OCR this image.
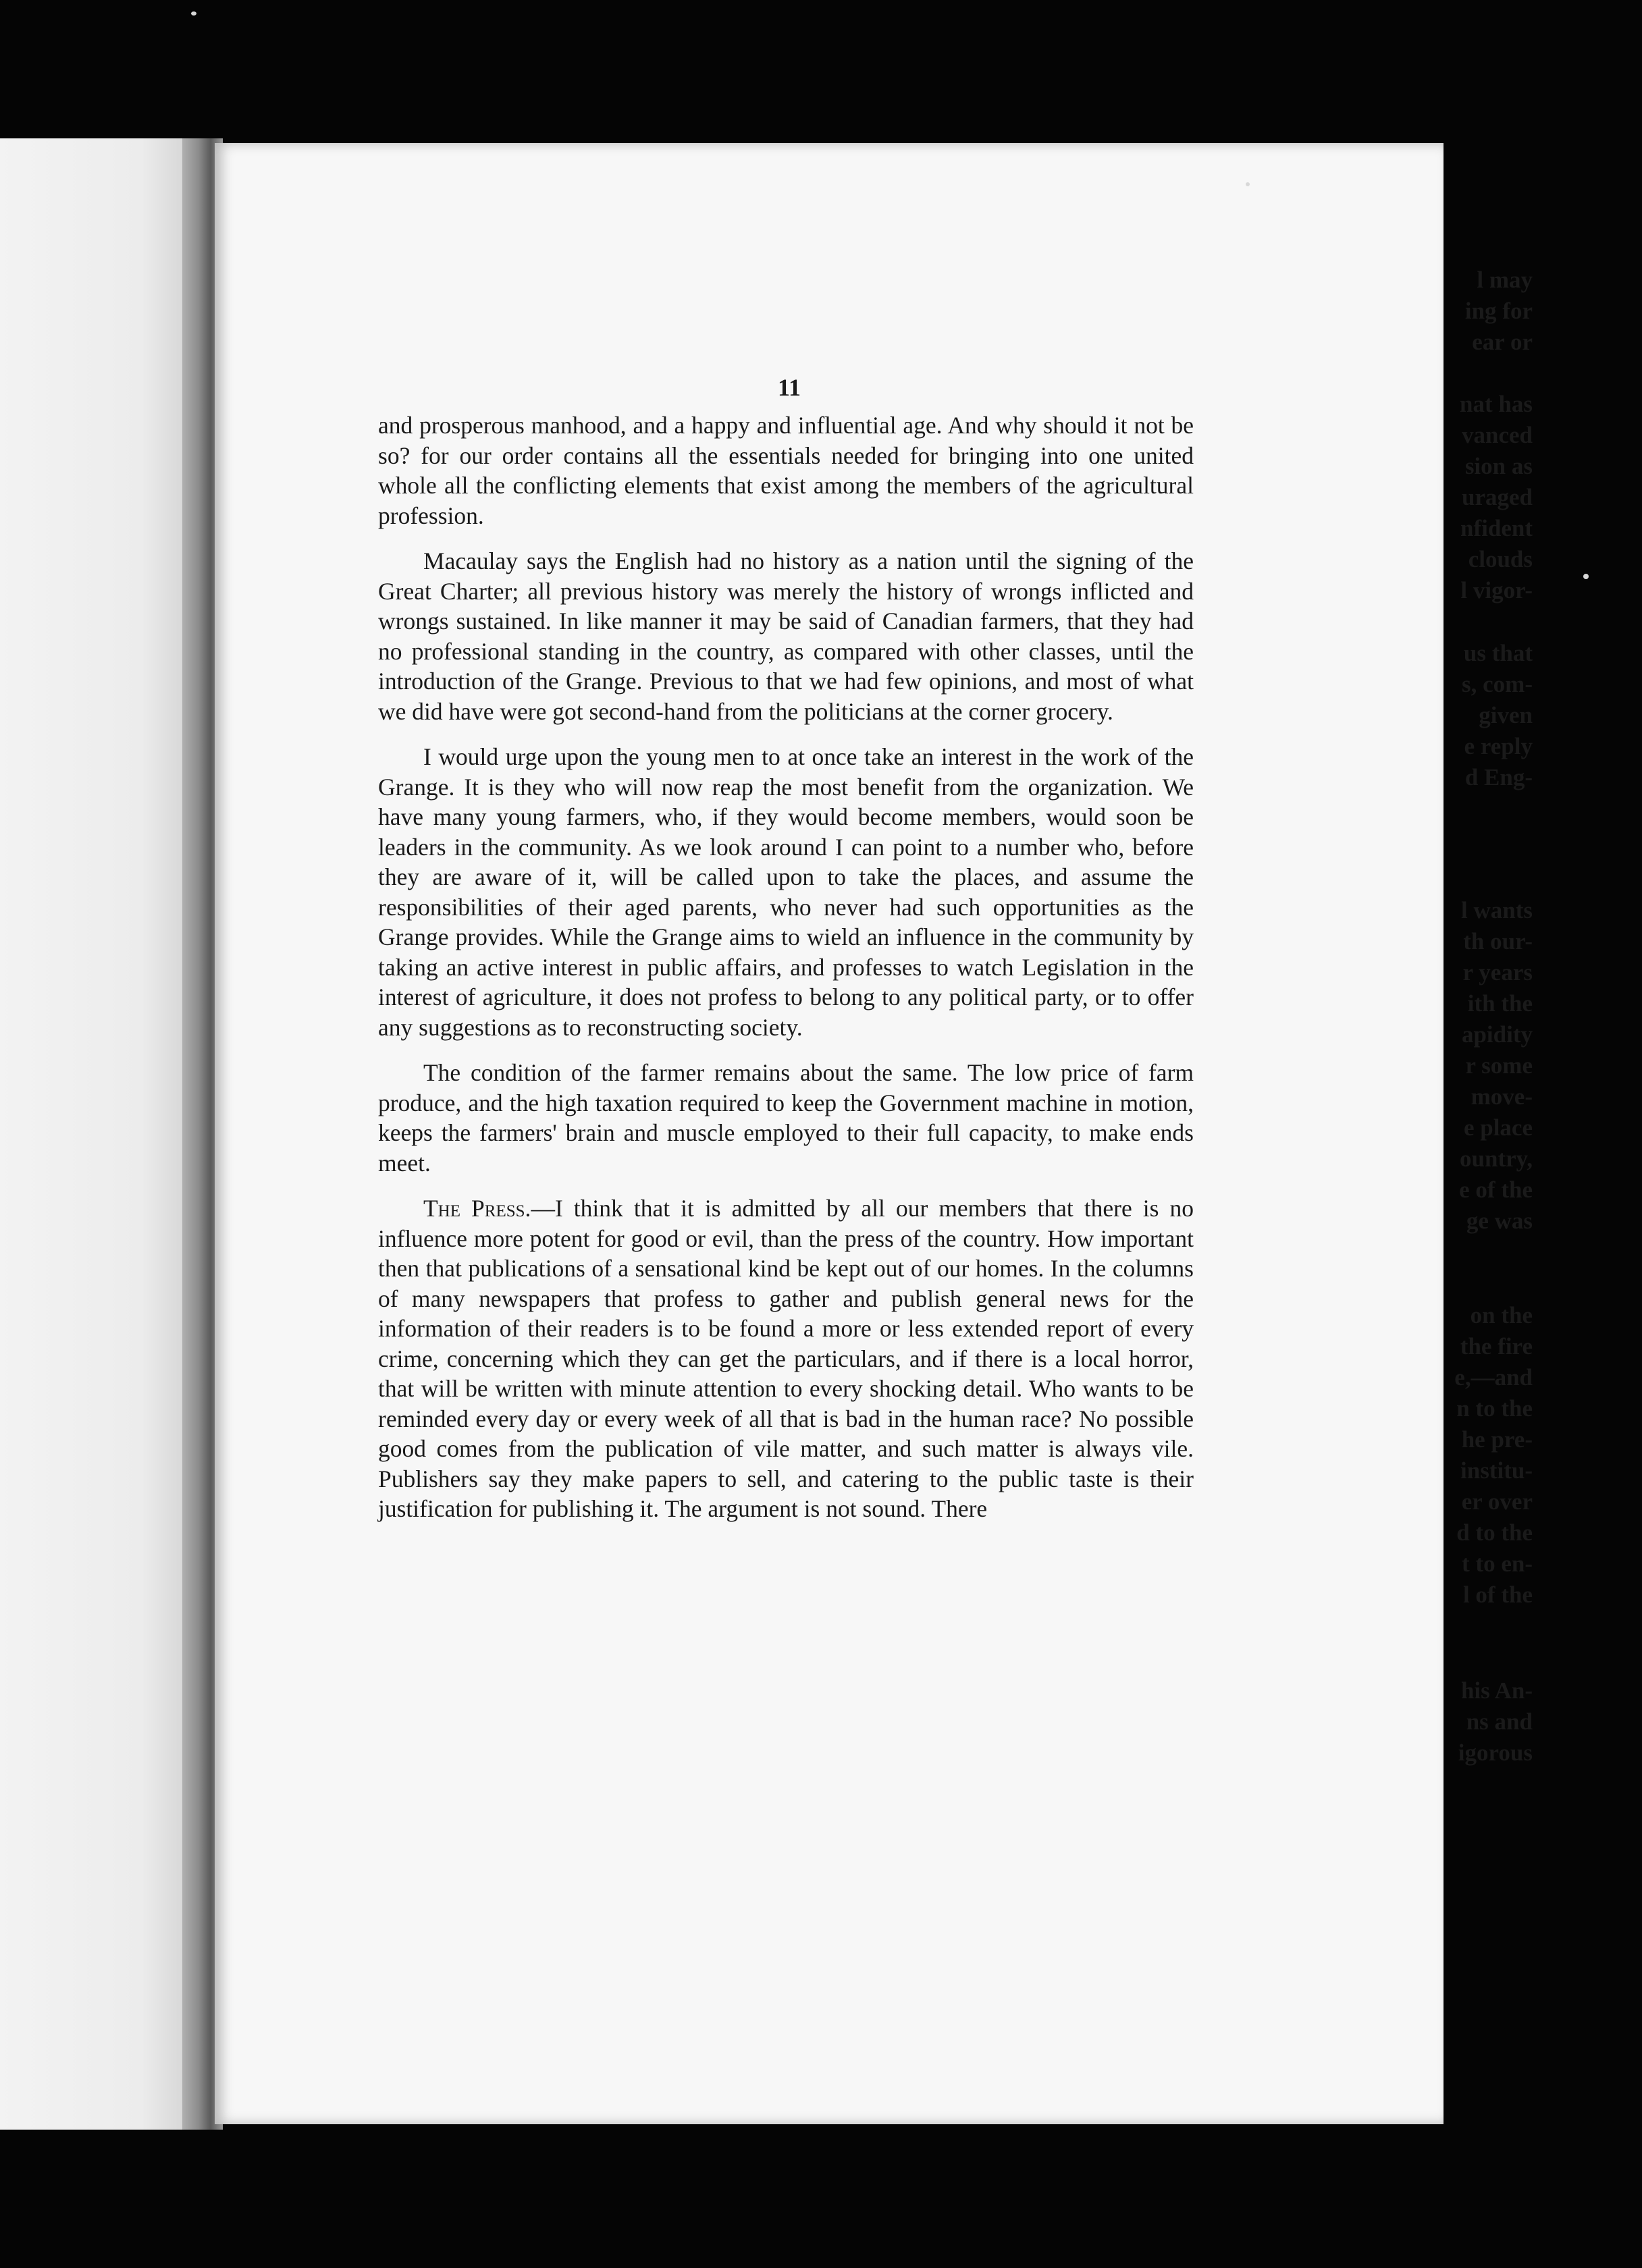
l may
ing for
ear or
nat has
vanced
sion as
uraged
nfident
clouds
l vigor-
us that
s, com-
given
e reply
d Eng-
l wants
th our-
r years
ith the
apidity
r some
move-
e place
ountry,
e of the
ge was
on the
the fire
e,—and
n to the
he pre-
institu-
er over
d to the
t to en-
l of the
his An-
ns and
igorous
11

and prosperous manhood, and a happy and influential age. And why should it not be so? for our order contains all the essentials needed for bringing into one united whole all the conflicting elements that exist among the members of the agricultural profession.

Macaulay says the English had no history as a nation until the signing of the Great Charter; all previous history was merely the history of wrongs inflicted and wrongs sustained. In like manner it may be said of Canadian farmers, that they had no professional standing in the country, as compared with other classes, until the introduction of the Grange. Previous to that we had few opinions, and most of what we did have were got second-hand from the politicians at the corner grocery.

I would urge upon the young men to at once take an interest in the work of the Grange. It is they who will now reap the most benefit from the organization. We have many young farmers, who, if they would become members, would soon be leaders in the community. As we look around I can point to a number who, before they are aware of it, will be called upon to take the places, and assume the responsibilities of their aged parents, who never had such opportunities as the Grange provides. While the Grange aims to wield an influence in the community by taking an active interest in public affairs, and professes to watch Legislation in the interest of agriculture, it does not profess to belong to any political party, or to offer any suggestions as to reconstructing society.

The condition of the farmer remains about the same. The low price of farm produce, and the high taxation required to keep the Government machine in motion, keeps the farmers' brain and muscle employed to their full capacity, to make ends meet.

The Press.—I think that it is admitted by all our members that there is no influence more potent for good or evil, than the press of the country. How important then that publications of a sensational kind be kept out of our homes. In the columns of many newspapers that profess to gather and publish general news for the information of their readers is to be found a more or less extended report of every crime, concerning which they can get the particulars, and if there is a local horror, that will be written with minute attention to every shocking detail. Who wants to be reminded every day or every week of all that is bad in the human race? No possible good comes from the publication of vile matter, and such matter is always vile. Publishers say they make papers to sell, and catering to the public taste is their justification for publishing it. The argument is not sound. There
